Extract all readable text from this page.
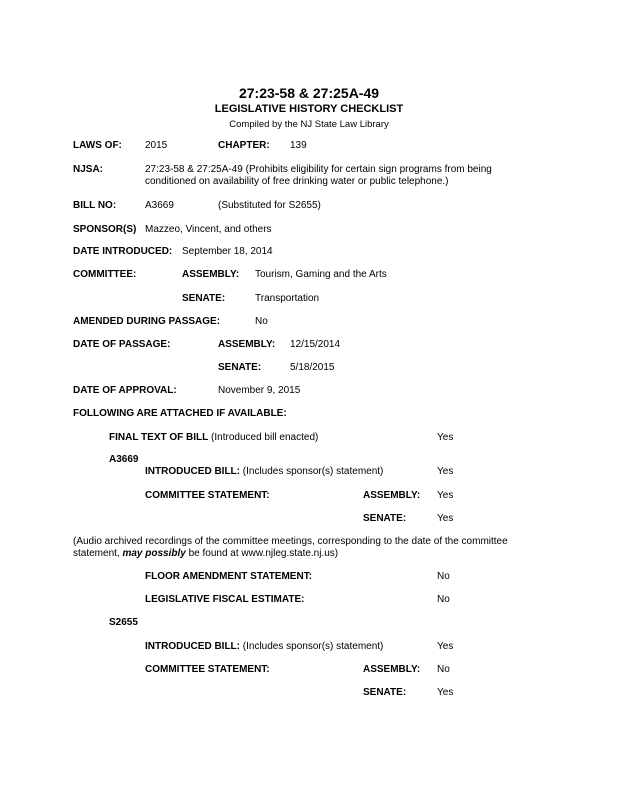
27:23-58 & 27:25A-49
LEGISLATIVE HISTORY CHECKLIST
Compiled by the NJ State Law Library
LAWS OF: 2015	CHAPTER: 139
NJSA:	27:23-58 & 27:25A-49 (Prohibits eligibility for certain sign programs from being conditioned on availability of free drinking water or public telephone.)
BILL NO:	A3669	(Substituted for S2655)
SPONSOR(S) Mazzeo, Vincent, and others
DATE INTRODUCED: September 18, 2014
COMMITTEE:	ASSEMBLY: Tourism, Gaming and the Arts
SENATE:	Transportation
AMENDED DURING PASSAGE:	No
DATE OF PASSAGE:	ASSEMBLY: 12/15/2014
SENATE:	5/18/2015
DATE OF APPROVAL:	November 9, 2015
FOLLOWING ARE ATTACHED IF AVAILABLE:
FINAL TEXT OF BILL (Introduced bill enacted)	Yes
A3669
INTRODUCED BILL: (Includes sponsor(s) statement)	Yes
COMMITTEE STATEMENT:	ASSEMBLY: Yes
SENATE:	Yes
(Audio archived recordings of the committee meetings, corresponding to the date of the committee statement, may possibly be found at www.njleg.state.nj.us)
FLOOR AMENDMENT STATEMENT:	No
LEGISLATIVE FISCAL ESTIMATE:	No
S2655
INTRODUCED BILL: (Includes sponsor(s) statement)	Yes
COMMITTEE STATEMENT:	ASSEMBLY: No
SENATE:	Yes
